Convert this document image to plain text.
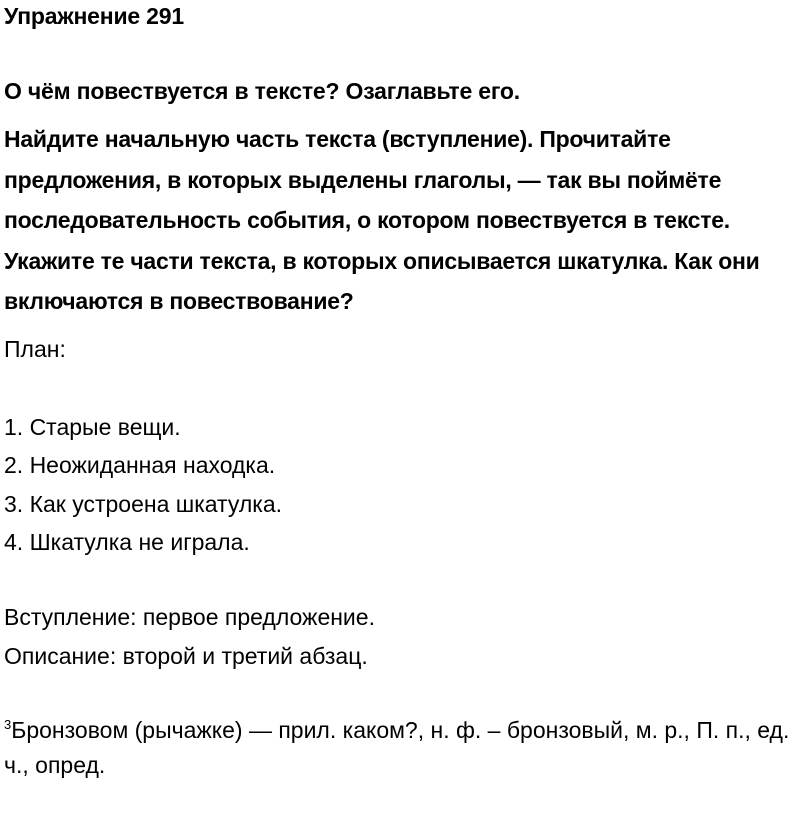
Упражнение 291
О чём повествуется в тексте? Озаглавьте его.
Найдите начальную часть текста (вступление). Прочитайте предложения, в которых выделены глаголы, — так вы поймёте последовательность события, о котором повествуется в тексте. Укажите те части текста, в которых описывается шкатулка. Как они включаются в повествование?
План:
1. Старые вещи.
2. Неожиданная находка.
3. Как устроена шкатулка.
4. Шкатулка не играла.
Вступление: первое предложение.
Описание: второй и третий абзац.
$^3$Бронзовом (рычажке) — прил. каком?, н. ф. – бронзовый, м. р., П. п., ед. ч., опред.
